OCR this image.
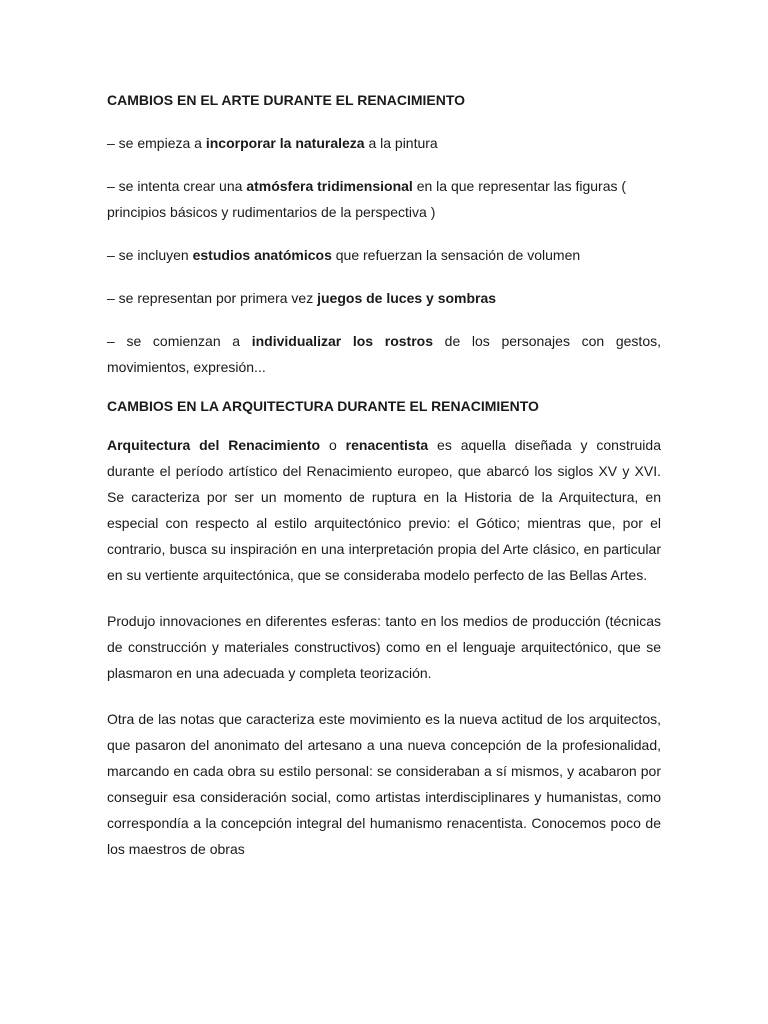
CAMBIOS EN EL ARTE DURANTE EL RENACIMIENTO

– se empieza a incorporar la naturaleza a la pintura

– se intenta crear una atmósfera tridimensional en la que representar las figuras ( principios básicos y rudimentarios de la perspectiva )

– se incluyen estudios anatómicos que refuerzan la sensación de volumen

– se representan por primera vez juegos de luces y sombras

– se comienzan a individualizar los rostros de los personajes con gestos, movimientos, expresión...

CAMBIOS EN LA ARQUITECTURA DURANTE EL RENACIMIENTO

Arquitectura del Renacimiento o renacentista es aquella diseñada y construida durante el período artístico del Renacimiento europeo, que abarcó los siglos XV y XVI. Se caracteriza por ser un momento de ruptura en la Historia de la Arquitectura, en especial con respecto al estilo arquitectónico previo: el Gótico; mientras que, por el contrario, busca su inspiración en una interpretación propia del Arte clásico, en particular en su vertiente arquitectónica, que se consideraba modelo perfecto de las Bellas Artes.

Produjo innovaciones en diferentes esferas: tanto en los medios de producción (técnicas de construcción y materiales constructivos) como en el lenguaje arquitectónico, que se plasmaron en una adecuada y completa teorización.

Otra de las notas que caracteriza este movimiento es la nueva actitud de los arquitectos, que pasaron del anonimato del artesano a una nueva concepción de la profesionalidad, marcando en cada obra su estilo personal: se consideraban a sí mismos, y acabaron por conseguir esa consideración social, como artistas interdisciplinares y humanistas, como correspondía a la concepción integral del humanismo renacentista. Conocemos poco de los maestros de obras
